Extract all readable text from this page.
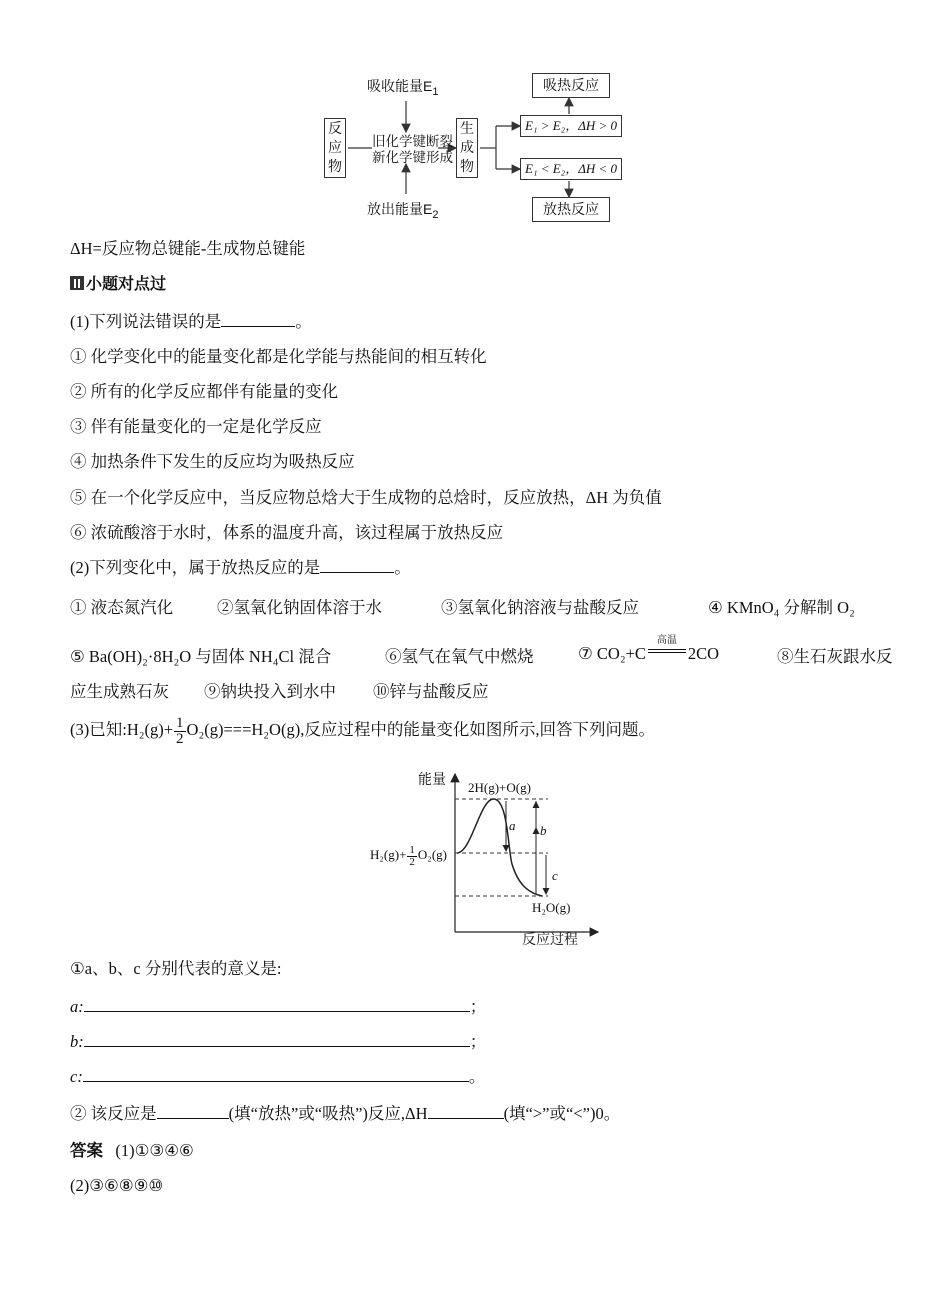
吸收能量$E_1$
放出能量$E_2$
反应物
旧化学键断裂
新化学键形成
生成物
E₁ > E₂，ΔH > 0
E₁ < E₂，ΔH < 0
吸热反应
放热反应
ΔH=反应物总键能-生成物总键能
小题对点过
(1)下列说法错误的是	。
① 化学变化中的能量变化都是化学能与热能间的相互转化
② 所有的化学反应都伴有能量的变化
③ 伴有能量变化的一定是化学反应
④ 加热条件下发生的反应均为吸热反应
⑤ 在一个化学反应中，当反应物总焓大于生成物的总焓时，反应放热，ΔH 为负值
⑥ 浓硫酸溶于水时，体系的温度升高，该过程属于放热反应
(2)下列变化中，属于放热反应的是	。
① 液态氮汽化	②氢氧化钠固体溶于水	③氢氧化钠溶液与盐酸反应	④ KMnO₄ 分解制 O₂
⑤ Ba(OH)₂·8H₂O 与固体 NH₄Cl 混合	⑥氢气在氧气中燃烧	⑦ CO₂+C
高温
2CO	⑧生石灰跟水反
应生成熟石灰 ⑨钠块投入到水中 ⑩锌与盐酸反应
(3)已知:H₂(g)+ $\frac{1}{2} O_2(g)===H_2O(g)$,反应过程中的能量变化如图所示,回答下列问题。
能量
反应过程
2H(g)+O(g)
$H_2(g)+ \frac{1}{2} O_2(g)$
H₂O(g)
a b
c
①a、b、c 分别代表的意义是:
a:	；
b:	；
c:	。
② 该反应是	(填“放热”或“吸热”)反应,ΔH	(填“>”或“<”)0。
答案 (1)①③④⑥
(2)③⑥⑧⑨⑩
